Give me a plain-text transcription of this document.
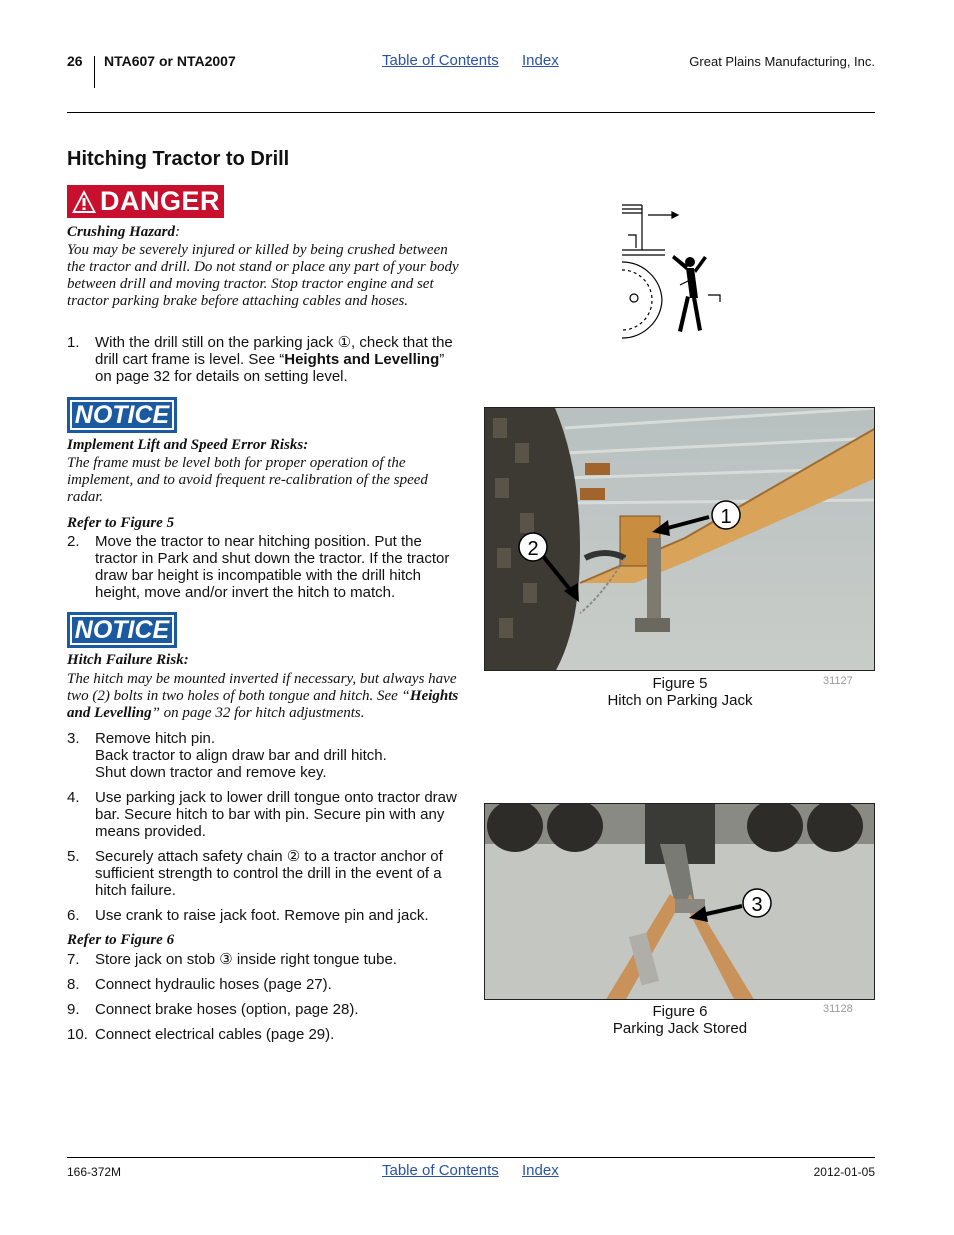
26 NTA607 or NTA2007	Table of Contents Index	Great Plains Manufacturing, Inc.
Hitching Tractor to Drill
DANGER
Crushing Hazard:
You may be severely injured or killed by being crushed between the tractor and drill. Do not stand or place any part of your body between drill and moving tractor. Stop tractor engine and set tractor parking brake before attaching cables and hoses.
1.	With the drill still on the parking jack ①, check that the drill cart frame is level. See “Heights and Levelling” on page 32 for details on setting level.
NOTICE
Implement Lift and Speed Error Risks:
The frame must be level both for proper operation of the implement, and to avoid frequent re-calibration of the speed radar.
Refer to Figure 5
2.	Move the tractor to near hitching position. Put the tractor in Park and shut down the tractor. If the tractor draw bar height is incompatible with the drill hitch height, move and/or invert the hitch to match.
NOTICE
Hitch Failure Risk:
The hitch may be mounted inverted if necessary, but always have two (2) bolts in two holes of both tongue and hitch. See “Heights and Levelling” on page 32 for hitch adjustments.
3.	Remove hitch pin.
Back tractor to align draw bar and drill hitch.
Shut down tractor and remove key.
4.	Use parking jack to lower drill tongue onto tractor draw bar. Secure hitch to bar with pin. Secure pin with any means provided.
5.	Securely attach safety chain ② to a tractor anchor of sufficient strength to control the drill in the event of a hitch failure.
6.	Use crank to raise jack foot. Remove pin and jack.
Refer to Figure 6
7.	Store jack on stob ③ inside right tongue tube.
8.	Connect hydraulic hoses (page 27).
9.	Connect brake hoses (option, page 28).
10. Connect electrical cables (page 29).
1
2
Figure 5
Hitch on Parking Jack
31127
3
Figure 6
Parking Jack Stored
31128
166-372M	Table of Contents Index	2012-01-05
